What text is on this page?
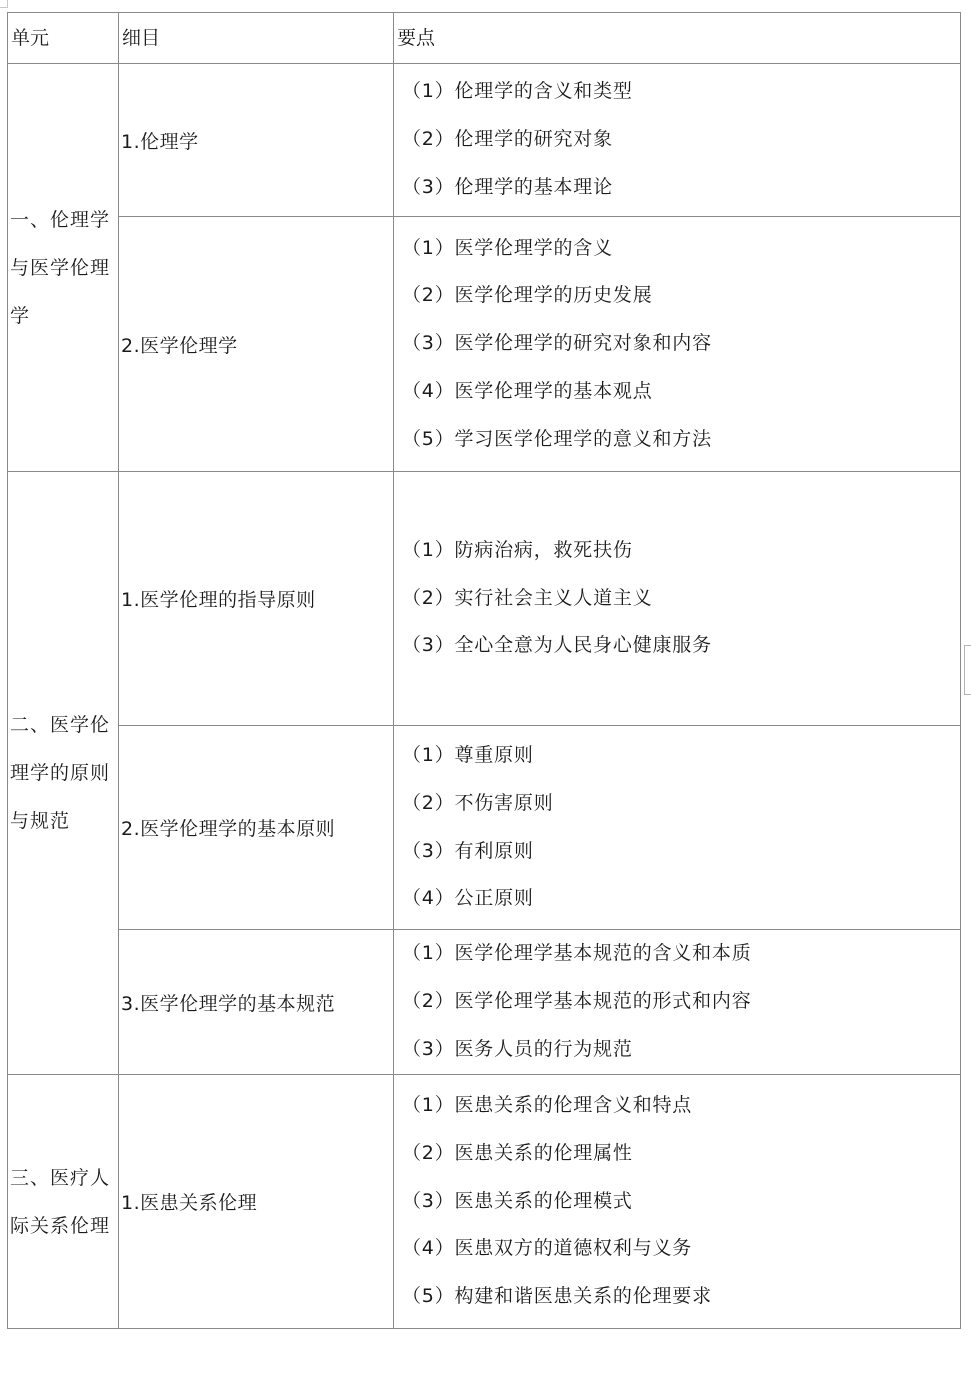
单元	细目	要点
一、伦理学与医学伦理学	1.伦理学	（1）伦理学的含义和类型
（2）伦理学的研究对象
（3）伦理学的基本理论

	2.医学伦理学	（1）医学伦理学的含义
（2）医学伦理学的历史发展
（3）医学伦理学的研究对象和内容
（4）医学伦理学的基本观点
（5）学习医学伦理学的意义和方法

二、医学伦理学的原则与规范	1.医学伦理的指导原则	（1）防病治病，救死扶伤
（2）实行社会主义人道主义
（3）全心全意为人民身心健康服务

	2.医学伦理学的基本原则	（1）尊重原则
（2）不伤害原则
（3）有利原则
（4）公正原则

	3.医学伦理学的基本规范	（1）医学伦理学基本规范的含义和本质
（2）医学伦理学基本规范的形式和内容
（3）医务人员的行为规范

三、医疗人际关系伦理	1.医患关系伦理	（1）医患关系的伦理含义和特点
（2）医患关系的伦理属性
（3）医患关系的伦理模式
（4）医患双方的道德权利与义务
（5）构建和谐医患关系的伦理要求
